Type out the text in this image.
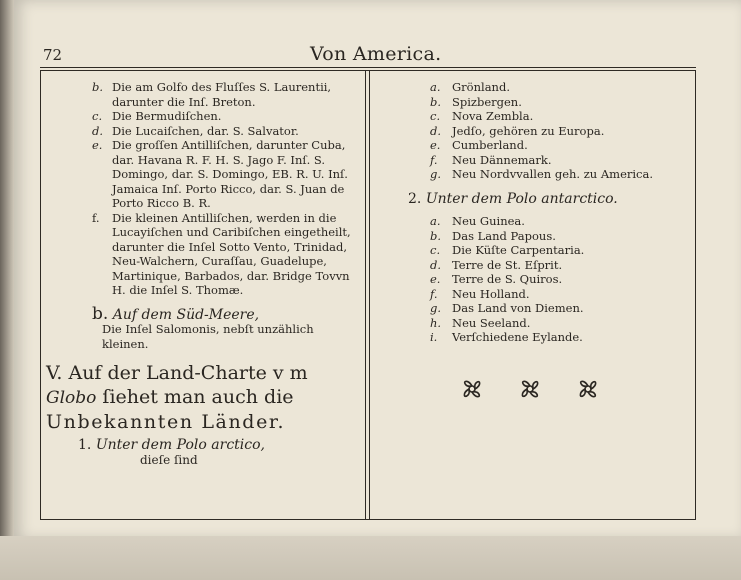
72	Von America.
b. Die am Golfo des Fluſſes S. Laurentii, darunter die Inſ. Breton.
c. Die Bermudiſchen.
d. Die Lucaiſchen, dar. S. Salvator.
e. Die groſſen Antilliſchen, darunter Cuba, dar. Havana R. F. H. S. Jago F. Inſ. S. Domingo, dar. S. Domingo, EB. R. U. Inſ. Jamaica Inſ. Porto Ricco, dar. S. Juan de Porto Ricco B. R.
f.	Die kleinen Antilliſchen, werden in die Lucayiſchen und Caribiſchen eingetheilt, darunter die Inſel Sotto Vento, Trinidad, Neu-Walchern, Curaſſau, Guadelupe, Martinique, Barbados, dar. Bridge Tovvn H. die Inſel S. Thomæ.
b. Auf dem Süd-Meere,
Die Inſel Salomonis, nebſt unzählich kleinen.
V. Auf der Land-Charte v m
Globo ſiehet man auch die
Unbekannten Länder.
1. Unter dem Polo arctico,
dieſe ſind
a. Grönland.
b. Spizbergen.
c.	Nova Zembla.
d. Jedſo, gehören zu Europa.
e.	Cumberland.
f.	Neu Dännemark.
g. Neu Nordvvallen geh. zu America.
2. Unter dem Polo antarctico.
a. Neu Guinea.
b. Das Land Papous.
c.	Die Küſte Carpentaria.
d. Terre de St. Eſprit.
e.	Terre de S. Quiros.
f.	Neu Holland.
g. Das Land von Diemen.
h. Neu Seeland.
i.	Verſchiedene Eylande.
